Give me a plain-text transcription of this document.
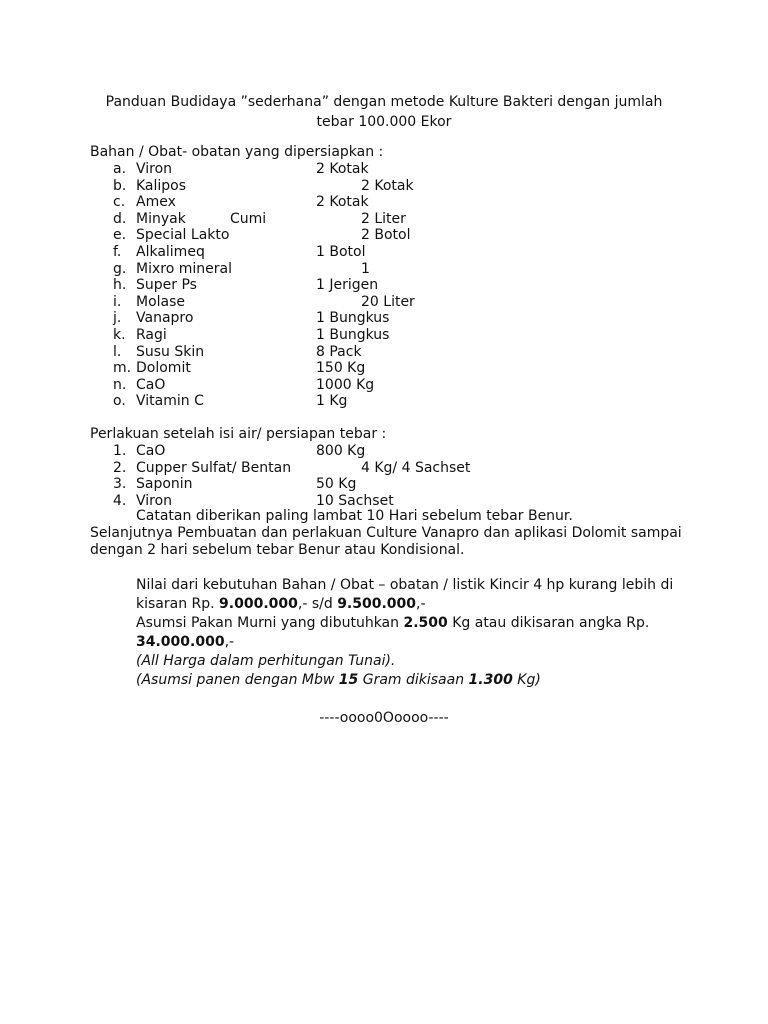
Panduan Budidaya ”sederhana” dengan metode Kulture Bakteri dengan jumlah
tebar 100.000 Ekor
Bahan / Obat- obatan yang dipersiapkan :
a. Viron	2 Kotak
b. Kalipos	2 Kotak
c. Amex	2 Kotak
d. Minyak	Cumi	2 Liter
e. Special Lakto	2 Botol
f. Alkalimeq	1 Botol
g. Mixro mineral	1
h. Super Ps	1 Jerigen
i. Molase	20 Liter
j. Vanapro	1 Bungkus
k. Ragi	1 Bungkus
l. Susu Skin	8 Pack
m. Dolomit	150 Kg
n. CaO	1000 Kg
o. Vitamin C	1 Kg
Perlakuan setelah isi air/ persiapan tebar :
1. CaO	800 Kg
2. Cupper Sulfat/ Bentan	4 Kg/ 4 Sachset
3. Saponin	50 Kg
4. Viron	10 Sachset
Catatan diberikan paling lambat 10 Hari sebelum tebar Benur.
Selanjutnya Pembuatan dan perlakuan Culture Vanapro dan aplikasi Dolomit sampai dengan 2 hari sebelum tebar Benur atau Kondisional.
Nilai dari kebutuhan Bahan / Obat – obatan / listik Kincir 4 hp kurang lebih di kisaran Rp. 9.000.000,- s/d 9.500.000,-
Asumsi Pakan Murni yang dibutuhkan 2.500 Kg atau dikisaran angka Rp. 34.000.000,-
(All Harga dalam perhitungan Tunai).
(Asumsi panen dengan Mbw 15 Gram dikisaan 1.300 Kg)
----oooo0Ooooo----
